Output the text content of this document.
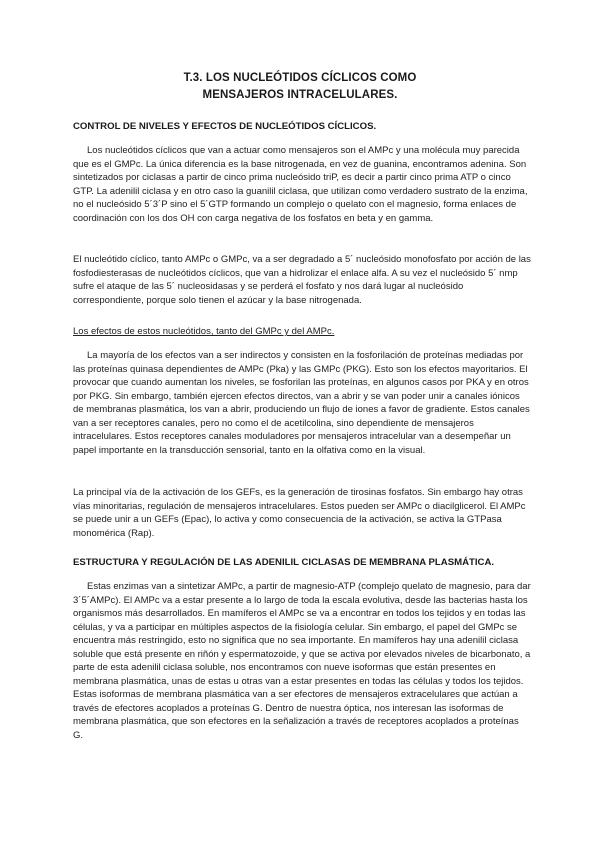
T.3. LOS NUCLEÓTIDOS CÍCLICOS COMO
MENSAJEROS INTRACELULARES.
CONTROL DE NIVELES Y EFECTOS DE NUCLEÓTIDOS CÍCLICOS.
Los nucleótidos cíclicos que van a actuar como mensajeros son el AMPc y una molécula muy parecida que es el GMPc. La única diferencia es la base nitrogenada, en vez de guanina, encontramos adenina. Son sintetizados por ciclasas a partir de cinco prima nucleósido triP, es decir a partir cinco prima ATP o cinco GTP. La adenilil ciclasa y en otro caso la guanilil ciclasa, que utilizan como verdadero sustrato de la enzima, no el nucleósido 5´3´P sino el 5´GTP formando un complejo o quelato con el magnesio, forma enlaces de coordinación con los dos OH con carga negativa de los fosfatos en beta y en gamma.
El nucleótido cíclico, tanto AMPc o GMPc, va a ser degradado a 5´ nucleósido monofosfato por acción de las fosfodiesterasas de nucleótidos cíclicos, que van a hidrolizar el enlace alfa. A su vez el nucleósido 5´ nmp sufre el ataque de las 5´ nucleosidasas y se perderá el fosfato y nos dará lugar al nucleósido correspondiente, porque solo tienen el azúcar y la base nitrogenada.
Los efectos de estos nucleótidos, tanto del GMPc y del AMPc.
La mayoría de los efectos van a ser indirectos y consisten en la fosforilación de proteínas mediadas por las proteínas quinasa dependientes de AMPc (Pka) y las GMPc (PKG). Esto son los efectos mayoritarios. El provocar que cuando aumentan los niveles, se fosforilan las proteínas, en algunos casos por PKA y en otros por PKG. Sin embargo, también ejercen efectos directos, van a abrir y se van poder unir a canales iónicos de membranas plasmática, los van a abrir, produciendo un flujo de iones a favor de gradiente. Estos canales van a ser receptores canales, pero no como el de acetilcolina, sino dependiente de mensajeros intracelulares. Estos receptores canales moduladores por mensajeros intracelular van a desempeñar un papel importante en la transducción sensorial, tanto en la olfativa como en la visual.
La principal vía de la activación de los GEFs, es la generación de tirosinas fosfatos. Sin embargo hay otras vías minoritarias, regulación de mensajeros intracelulares. Estos pueden ser AMPc o diacilglicerol. El AMPc se puede unir a un GEFs (Epac), lo activa y como consecuencia de la activación, se activa la GTPasa monomérica (Rap).
ESTRUCTURA Y REGULACIÓN DE LAS ADENILIL CICLASAS DE MEMBRANA PLASMÁTICA.
Estas enzimas van a sintetizar AMPc, a partir de magnesio-ATP (complejo quelato de magnesio, para dar 3´5´AMPc). El AMPc va a estar presente a lo largo de toda la escala evolutiva, desde las bacterias hasta los organismos más desarrollados. En mamíferos el AMPc se va a encontrar en todos los tejidos y en todas las células, y va a participar en múltiples aspectos de la fisiología celular. Sin embargo, el papel del GMPc se encuentra más restringido, esto no significa que no sea importante. En mamíferos hay una adenilil ciclasa soluble que está presente en riñón y espermatozoide, y que se activa por elevados niveles de bicarbonato, a parte de esta adenilil ciclasa soluble, nos encontramos con nueve isoformas que están presentes en membrana plasmática, unas de estas u otras van a estar presentes en todas las células y todos los tejidos. Estas isoformas de membrana plasmática van a ser efectores de mensajeros extracelulares que actúan a través de efectores acoplados a proteínas G. Dentro de nuestra óptica, nos interesan las isoformas de membrana plasmática, que son efectores en la señalización a través de receptores acoplados a proteínas G.
